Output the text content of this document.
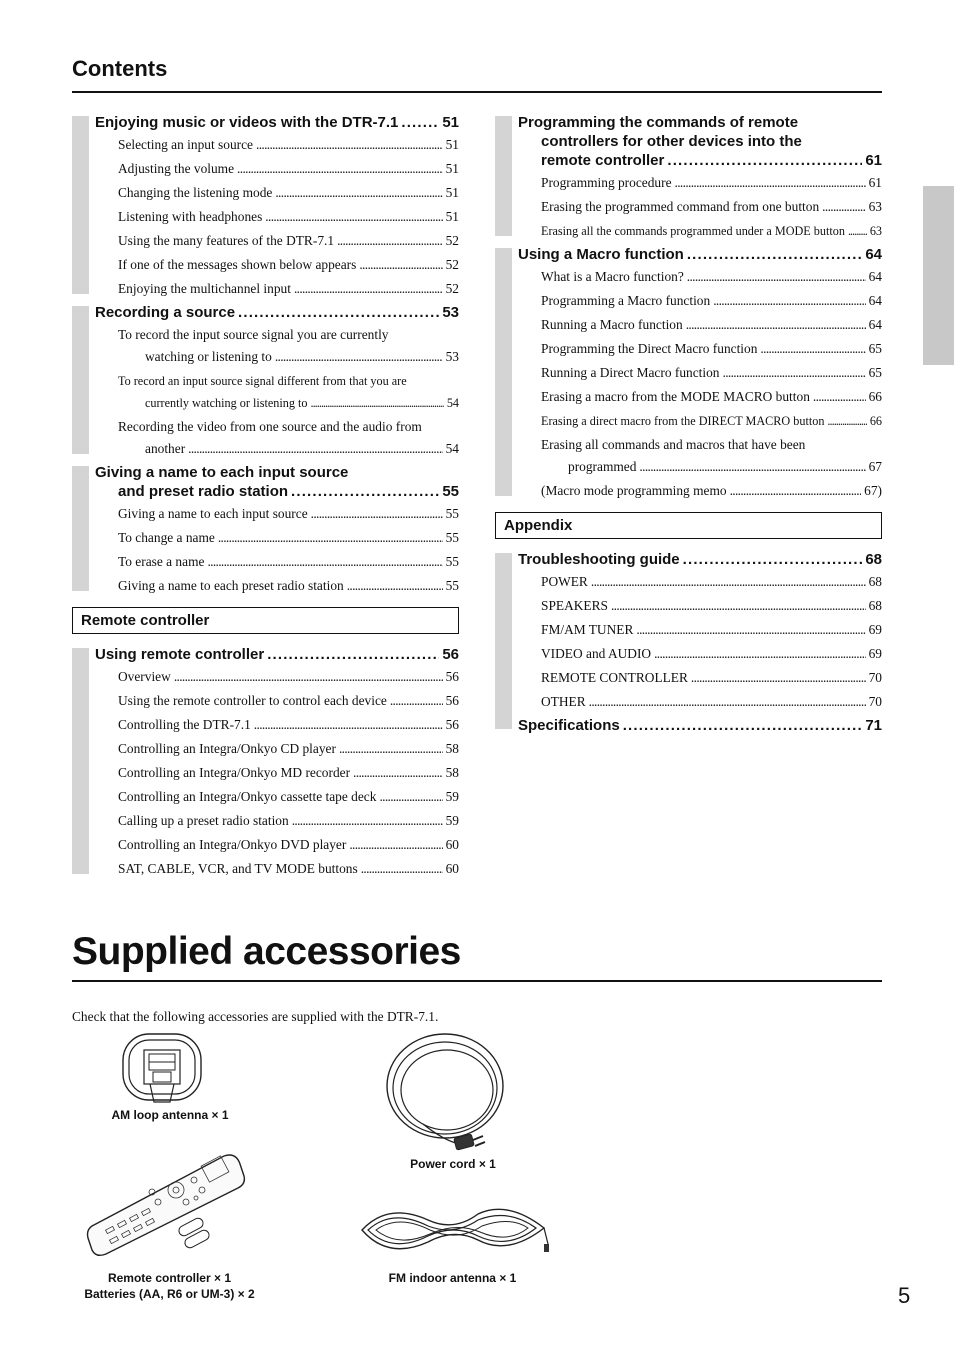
Contents
Enjoying music or videos with the DTR-7.1 . . .	51
Selecting an input source . . .	51
Adjusting the volume . . .	51
Changing the listening mode . . .	51
Listening with headphones . . .	51
Using the many features of the DTR-7.1 . . .	52
If one of the messages shown below appears . . .	52
Enjoying the multichannel input . . .	52
Recording a source . . .	53
To record the input source signal you are currently
watching or listening to . . .	53
To record an input source signal different from that you are
currently watching or listening to . . .	54
Recording the video from one source and the audio from
another . . .	54
Giving a name to each input source
and preset radio station . . .	55
Giving a name to each input source . . .	55
To change a name . . .	55
To erase a name . . .	55
Giving a name to each preset radio station . . .	55
Remote controller
Using remote controller . . .	56
Overview . . .	56
Using the remote controller to control each device . . .	56
Controlling the DTR-7.1 . . .	56
Controlling an Integra/Onkyo CD player . . .	58
Controlling an Integra/Onkyo MD recorder . . .	58
Controlling an Integra/Onkyo cassette tape deck . . .	59
Calling up a preset radio station . . .	59
Controlling an Integra/Onkyo DVD player . . .	60
SAT, CABLE, VCR, and TV MODE buttons . . .	60
Programming the commands of remote
controllers for other devices into the
remote controller . . .	61
Programming procedure . . .	61
Erasing the programmed command from one button . . .	63
Erasing all the commands programmed under a MODE button . . . 63
Using a Macro function . . .	64
What is a Macro function? . . .	64
Programming a Macro function . . .	64
Running a Macro function . . .	64
Programming the Direct Macro function . . .	65
Running a Direct Macro function . . .	65
Erasing a macro from the MODE MACRO button . . .	66
Erasing a direct macro from the DIRECT MACRO button . . .	66
Erasing all commands and macros that have been
programmed . . .	67
(Macro mode programming memo . . .	67)
Appendix
Troubleshooting guide . . .	68
POWER . . .	68
SPEAKERS . . .	68
FM/AM TUNER . . .	69
VIDEO and AUDIO . . .	69
REMOTE CONTROLLER . . .	70
OTHER . . .	70
Specifications . . .	71
Supplied accessories
Check that the following accessories are supplied with the DTR-7.1.
AM loop antenna × 1
Power cord × 1
Remote controller × 1
Batteries (AA, R6 or UM-3) × 2
FM indoor antenna × 1
5
